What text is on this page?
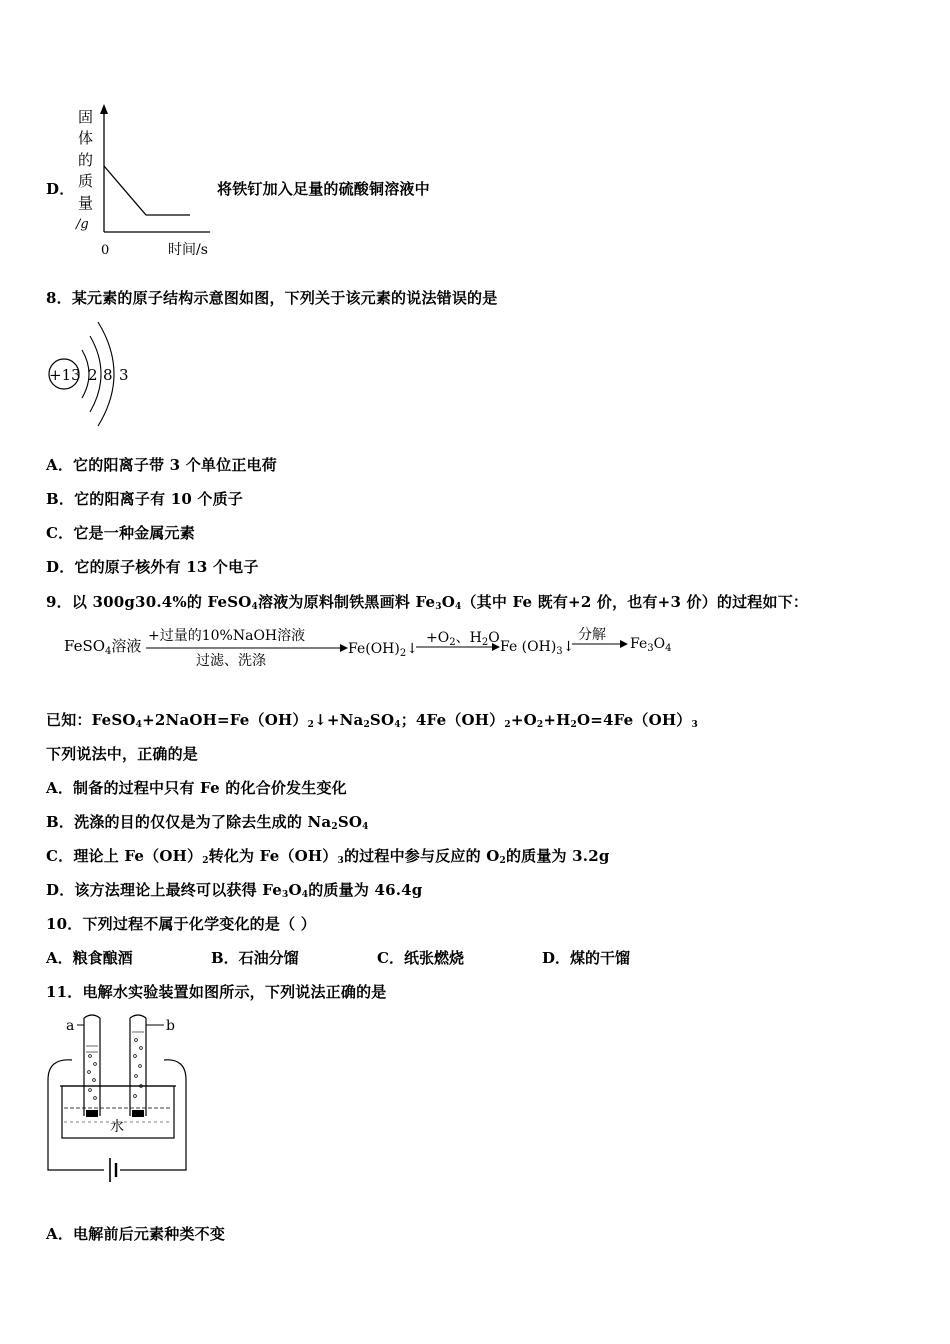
D．
固
体
的
质
量
/g
0	时间/s
将铁钉加入足量的硫酸铜溶液中
8．某元素的原子结构示意图如图，下列关于该元素的说法错误的是
+13 2 8 3
A．它的阳离子带 3 个单位正电荷
B．它的阳离子有 10 个质子
C．它是一种金属元素
D．它的原子核外有 13 个电子
9．以 300g30.4%的 FeSO$_4$溶液为原料制铁黑画料 $Fe_3O_4$（其中 Fe 既有+2 价，也有+3 价）的过程如下：
FeSO$_4$溶液
+过量的10%NaOH溶液
过滤、洗涤
$Fe(OH)_2↓$
$+O_2$、$H_2O$
Fe $(OH)_3↓$
分解
$Fe_3O_4$
已知：$FeSO_4+2NaOH=Fe(OH)_2↓+Na_2SO_4$；$4Fe(OH)_2+O_2+H_2O=4Fe(OH)_3$
下列说法中，正确的是
A．制备的过程中只有 Fe 的化合价发生变化
B．洗涤的目的仅仅是为了除去生成的 $Na_2SO_4$
C．理论上 $Fe(OH)_2$转化为 $Fe(OH)_3$的过程中参与反应的 $O_2$的质量为 3.2g
D．该方法理论上最终可以获得 $Fe_3O_4$的质量为 46.4g
10．下列过程不属于化学变化的是（ ）
A．粮食酿酒	B．石油分馏	C．纸张燃烧	D．煤的干馏
11．电解水实验装置如图所示，下列说法正确的是
a	b
水
A．电解前后元素种类不变
